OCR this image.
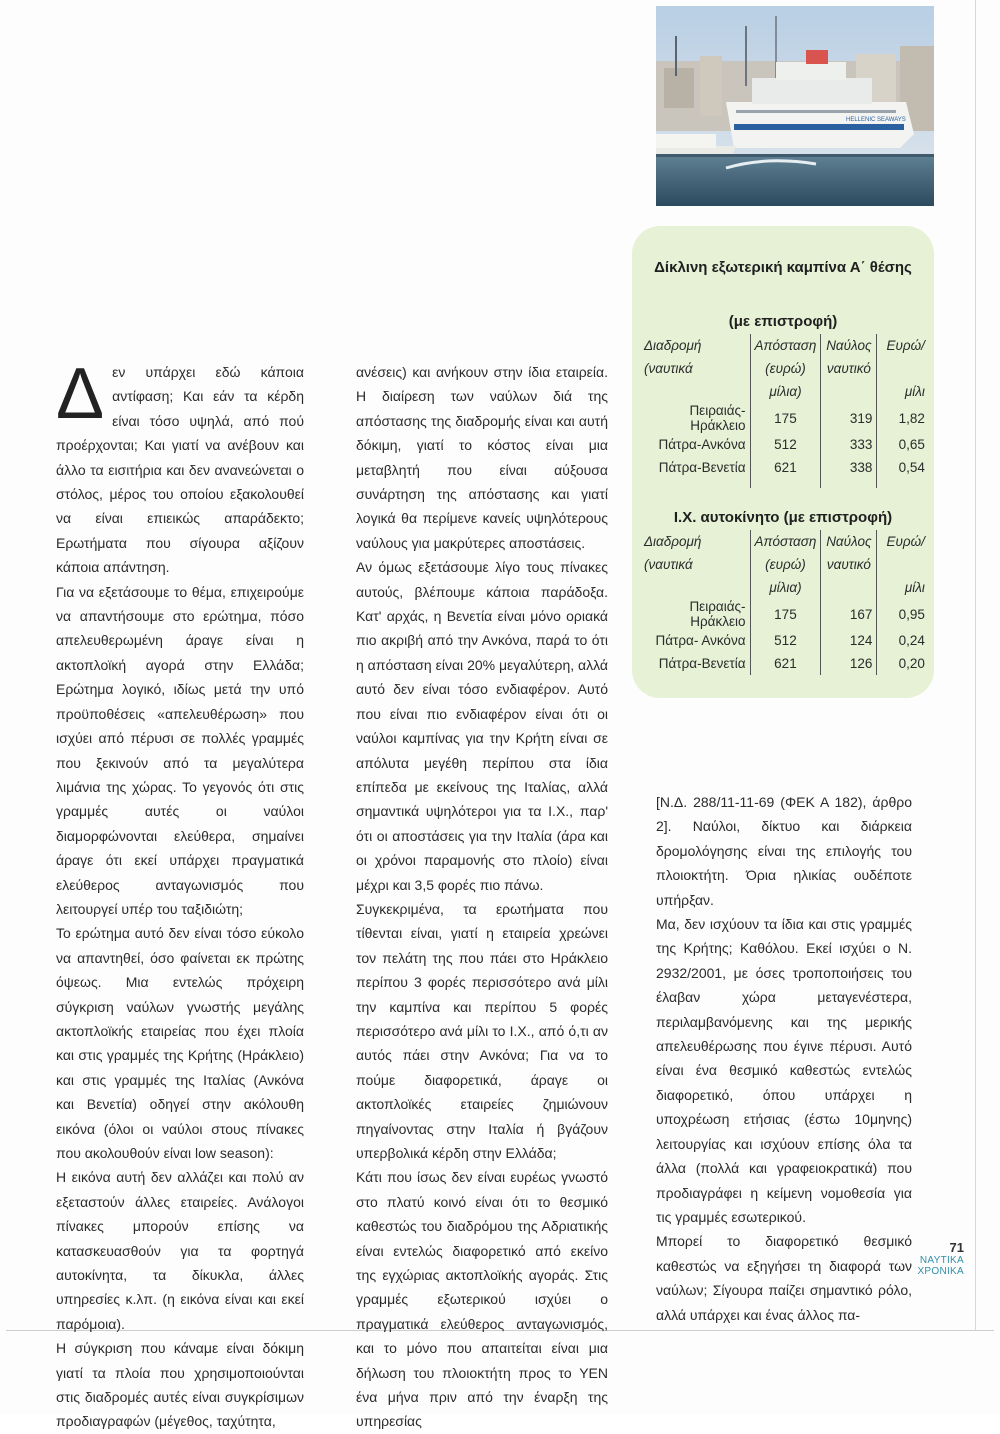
HELLENIC SEAWAYS

Δεν υπάρχει εδώ κάποια αντίφαση; Και εάν τα κέρδη είναι τόσο υψηλά, από πού προέρχονται; Και γιατί να ανέβουν και άλλο τα εισιτήρια και δεν ανανεώνεται ο στόλος, μέρος του οποίου εξακολουθεί να είναι επιεικώς απαράδεκτο; Ερωτήματα που σίγουρα αξίζουν κάποια απάντηση.

Για να εξετάσουμε το θέμα, επιχειρούμε να απαντήσουμε στο ερώτημα, πόσο απελευθερωμένη άραγε είναι η ακτοπλοϊκή αγορά στην Ελλάδα; Ερώτημα λογικό, ιδίως μετά την υπό προϋποθέσεις «απελευθέρωση» που ισχύει από πέρυσι σε πολλές γραμμές που ξεκινούν από τα μεγαλύτερα λιμάνια της χώρας. Το γεγονός ότι στις γραμμές αυτές οι ναύλοι διαμορφώνονται ελεύθερα, σημαίνει άραγε ότι εκεί υπάρχει πραγματικά ελεύθερος ανταγωνισμός που λειτουργεί υπέρ του ταξιδιώτη;

Το ερώτημα αυτό δεν είναι τόσο εύκολο να απαντηθεί, όσο φαίνεται εκ πρώτης όψεως. Μια εντελώς πρόχειρη σύγκριση ναύλων γνωστής μεγάλης ακτοπλοϊκής εταιρείας που έχει πλοία και στις γραμμές της Κρήτης (Ηράκλειο) και στις γραμμές της Ιταλίας (Ανκόνα και Βενετία) οδηγεί στην ακόλουθη εικόνα (όλοι οι ναύλοι στους πίνακες που ακολουθούν είναι low season):

Η εικόνα αυτή δεν αλλάζει και πολύ αν εξεταστούν άλλες εταιρείες. Ανάλογοι πίνακες μπορούν επίσης να κατασκευασθούν για τα φορτηγά αυτοκίνητα, τα δίκυκλα, άλλες υπηρεσίες κ.λπ. (η εικόνα είναι και εκεί παρόμοια).

Η σύγκριση που κάναμε είναι δόκιμη γιατί τα πλοία που χρησιμοποιούνται στις διαδρομές αυτές είναι συγκρίσιμων προδιαγραφών (μέγεθος, ταχύτητα,

ανέσεις) και ανήκουν στην ίδια εταιρεία. Η διαίρεση των ναύλων διά της απόστασης της διαδρομής είναι και αυτή δόκιμη, γιατί το κόστος είναι μια μεταβλητή που είναι αύξουσα συνάρτηση της απόστασης και γιατί λογικά θα περίμενε κανείς υψηλότερους ναύλους για μακρύτερες αποστάσεις.

Αν όμως εξετάσουμε λίγο τους πίνακες αυτούς, βλέπουμε κάποια παράδοξα. Κατ' αρχάς, η Βενετία είναι μόνο οριακά πιο ακριβή από την Ανκόνα, παρά το ότι η απόσταση είναι 20% μεγαλύτερη, αλλά αυτό δεν είναι τόσο ενδιαφέρον. Αυτό που είναι πιο ενδιαφέρον είναι ότι οι ναύλοι καμπίνας για την Κρήτη είναι σε απόλυτα μεγέθη περίπου στα ίδια επίπεδα με εκείνους της Ιταλίας, αλλά σημαντικά υψηλότεροι για τα Ι.Χ., παρ' ότι οι αποστάσεις για την Ιταλία (άρα και οι χρόνοι παραμονής στο πλοίο) είναι μέχρι και 3,5 φορές πιο πάνω.

Συγκεκριμένα, τα ερωτήματα που τίθενται είναι, γιατί η εταιρεία χρεώνει τον πελάτη της που πάει στο Ηράκλειο περίπου 3 φορές περισσότερο ανά μίλι την καμπίνα και περίπου 5 φορές περισσότερο ανά μίλι το Ι.Χ., από ό,τι αν αυτός πάει στην Ανκόνα; Για να το πούμε διαφορετικά, άραγε οι ακτοπλοϊκές εταιρείες ζημιώνουν πηγαίνοντας στην Ιταλία ή βγάζουν υπερβολικά κέρδη στην Ελλάδα;

Κάτι που ίσως δεν είναι ευρέως γνωστό στο πλατύ κοινό είναι ότι το θεσμικό καθεστώς του διαδρόμου της Αδριατικής είναι εντελώς διαφορετικό από εκείνο της εγχώριας ακτοπλοϊκής αγοράς. Στις γραμμές εξωτερικού ισχύει ο πραγματικά ελεύθερος ανταγωνισμός, και το μόνο που απαιτείται είναι μια δήλωση του πλοιοκτήτη προς το ΥΕΝ ένα μήνα πριν από την έναρξη της υπηρεσίας

Δίκλινη εξωτερική καμπίνα Α΄ θέσης
(με επιστροφή)
Διαδρομή	Απόσταση	Ναύλος	Ευρώ/
(ναυτικά	(ευρώ)	ναυτικό	
	μίλια)		μίλι
Πειραιάς-Ηράκλειο	175	319	1,82
Πάτρα-Ανκόνα	512	333	0,65
Πάτρα-Βενετία	621	338	0,54

Ι.Χ. αυτοκίνητο (με επιστροφή)
Διαδρομή	Απόσταση	Ναύλος	Ευρώ/
(ναυτικά	(ευρώ)	ναυτικό	
	μίλια)		μίλι
Πειραιάς-Ηράκλειο	175	167	0,95
Πάτρα- Ανκόνα	512	124	0,24
Πάτρα-Βενετία	621	126	0,20

[Ν.Δ. 288/11-11-69 (ΦΕΚ Α 182), άρθρο 2]. Ναύλοι, δίκτυο και διάρκεια δρομολόγησης είναι της επιλογής του πλοιοκτήτη. Όρια ηλικίας ουδέποτε υπήρξαν.

Μα, δεν ισχύουν τα ίδια και στις γραμμές της Κρήτης; Καθόλου. Εκεί ισχύει ο Ν. 2932/2001, με όσες τροποποιήσεις του έλαβαν χώρα μεταγενέστερα, περιλαμβανόμενης και της μερικής απελευθέρωσης που έγινε πέρυσι. Αυτό είναι ένα θεσμικό καθεστώς εντελώς διαφορετικό, όπου υπάρχει η υποχρέωση ετήσιας (έστω 10μηνης) λειτουργίας και ισχύουν επίσης όλα τα άλλα (πολλά και γραφειοκρατικά) που προδιαγράφει η κείμενη νομοθεσία για τις γραμμές εσωτερικού.

Μπορεί το διαφορετικό θεσμικό καθεστώς να εξηγήσει τη διαφορά των ναύλων; Σίγουρα παίζει σημαντικό ρόλο, αλλά υπάρχει και ένας άλλος πα-

71
ΝΑΥΤΙΚΑ
ΧΡΟΝΙΚΑ
